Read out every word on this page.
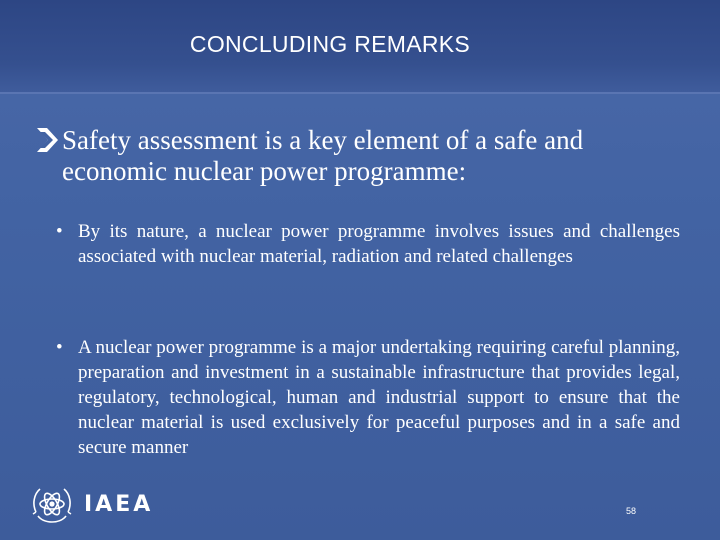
CONCLUDING REMARKS
Safety assessment is a key element of a safe and economic nuclear power programme:
• By its nature, a nuclear power programme involves issues and challenges associated with nuclear material, radiation and related challenges
• A nuclear power programme is a major undertaking requiring careful planning, preparation and investment in a sustainable infrastructure that provides legal, regulatory, technological, human and industrial support to ensure that the nuclear material is used exclusively for peaceful purposes and in a safe and secure manner
IAEA	58
